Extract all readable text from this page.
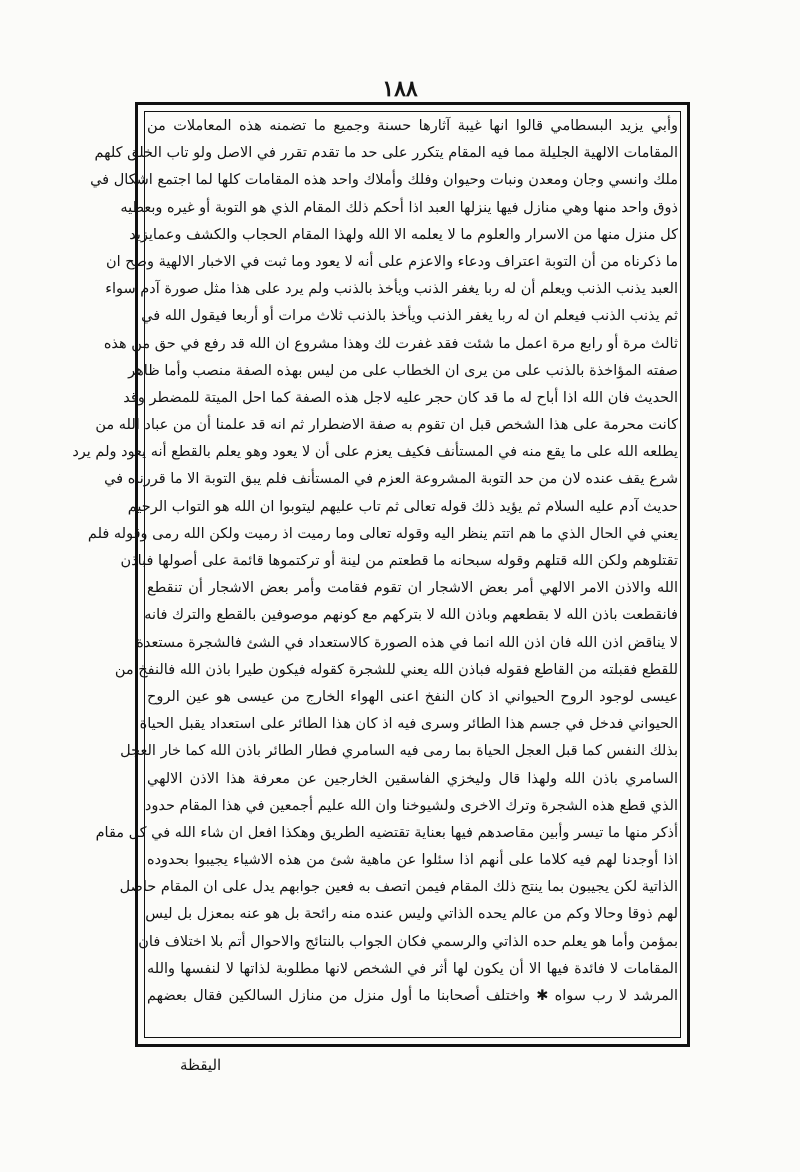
١٨٨
وأبي يزيد البسطامي قالوا انها غيبة آثارها حسنة وجميع ما تضمنه هذه المعاملات من
المقامات الالهية الجليلة مما فيه المقام يتكرر على حد ما تقدم تقرر في الاصل ولو تاب الخلق كلهم
ملك وانسي وجان ومعدن ونبات وحيوان وفلك وأملاك واحد هذه المقامات كلها لما اجتمع اشكال في
ذوق واحد منها وهي منازل فيها ينزلها العبد اذا أحكم ذلك المقام الذي هو التوبة أو غيره وبعطيه
كل منزل منها من الاسرار والعلوم ما لا يعلمه الا الله ولهذا المقام الحجاب والكشف وعمايزيد
ما ذكرناه من أن التوبة اعتراف ودعاء والاعزم على أنه لا يعود وما ثبت في الاخبار الالهية وصح ان
العبد يذنب الذنب ويعلم أن له ربا يغفر الذنب ويأخذ بالذنب ولم يرد على هذا مثل صورة آدم سواء
ثم يذنب الذنب فيعلم ان له ربا يغفر الذنب ويأخذ بالذنب ثلاث مرات أو أربعا فيقول الله في
ثالث مرة أو رابع مرة اعمل ما شئت فقد غفرت لك وهذا مشروع ان الله قد رفع في حق من هذه
صفته المؤاخذة بالذنب على من يرى ان الخطاب على من ليس بهذه الصفة منصب وأما ظاهر
الحديث فان الله اذا أباح له ما قد كان حجر عليه لاجل هذه الصفة كما احل الميتة للمضطر وقد
كانت محرمة على هذا الشخص قبل ان تقوم به صفة الاضطرار ثم انه قد علمنا أن من عباد الله من
يطلعه الله على ما يقع منه في المستأنف فكيف يعزم على أن لا يعود وهو يعلم بالقطع أنه يعود ولم يرد
شرع يقف عنده لان من حد التوبة المشروعة العزم في المستأنف فلم يبق التوبة الا ما قررناه في
حديث آدم عليه السلام ثم يؤيد ذلك قوله تعالى ثم تاب عليهم ليتوبوا ان الله هو التواب الرحيم
يعني في الحال الذي ما هم اتتم ينظر اليه وقوله تعالى وما رميت اذ رميت ولكن الله رمى وقوله فلم
تقتلوهم ولكن الله قتلهم وقوله سبحانه ما قطعتم من لينة أو تركتموها قائمة على أصولها فباذن
الله والاذن الامر الالهي أمر بعض الاشجار ان تقوم فقامت وأمر بعض الاشجار أن تنقطع
فانقطعت باذن الله لا بقطعهم وباذن الله لا بتركهم مع كونهم موصوفين بالقطع والترك فانه
لا يناقض اذن الله فان اذن الله انما في هذه الصورة كالاستعداد في الشئ فالشجرة مستعدة
للقطع فقبلته من القاطع فقوله فباذن الله يعني للشجرة كقوله فيكون طيرا باذن الله فالنفخ من
عيسى لوجود الروح الحيواني اذ كان النفخ اعنى الهواء الخارج من عيسى هو عين الروح
الحيواني فدخل في جسم هذا الطائر وسرى فيه اذ كان هذا الطائر على استعداد يقبل الحياة
بذلك النفس كما قبل العجل الحياة بما رمى فيه السامري فطار الطائر باذن الله كما خار العجل
السامري باذن الله ولهذا قال وليخزي الفاسقين الخارجين عن معرفة هذا الاذن الالهي
الذي قطع هذه الشجرة وترك الاخرى ولشيوخنا وان الله عليم أجمعين في هذا المقام حدود
أذكر منها ما تيسر وأبين مقاصدهم فيها بعناية تقتضيه الطريق وهكذا افعل ان شاء الله في كل مقام
اذا أوجدنا لهم فيه كلاما على أنهم اذا سئلوا عن ماهية شئ من هذه الاشياء يجيبوا بحدوده
الذاتية لكن يجيبون بما ينتج ذلك المقام فيمن اتصف به فعين جوابهم يدل على ان المقام حاصل
لهم ذوقا وحالا وكم من عالم يحده الذاتي وليس عنده منه رائحة بل هو عنه بمعزل بل ليس
بمؤمن وأما هو يعلم حده الذاتي والرسمي فكان الجواب بالنتائج والاحوال أتم بلا اختلاف فان
المقامات لا فائدة فيها الا أن يكون لها أثر في الشخص لانها مطلوبة لذاتها لا لنفسها والله
المرشد لا رب سواه ✱ واختلف أصحابنا ما أول منزل من منازل السالكين فقال بعضهم
اليقظة
